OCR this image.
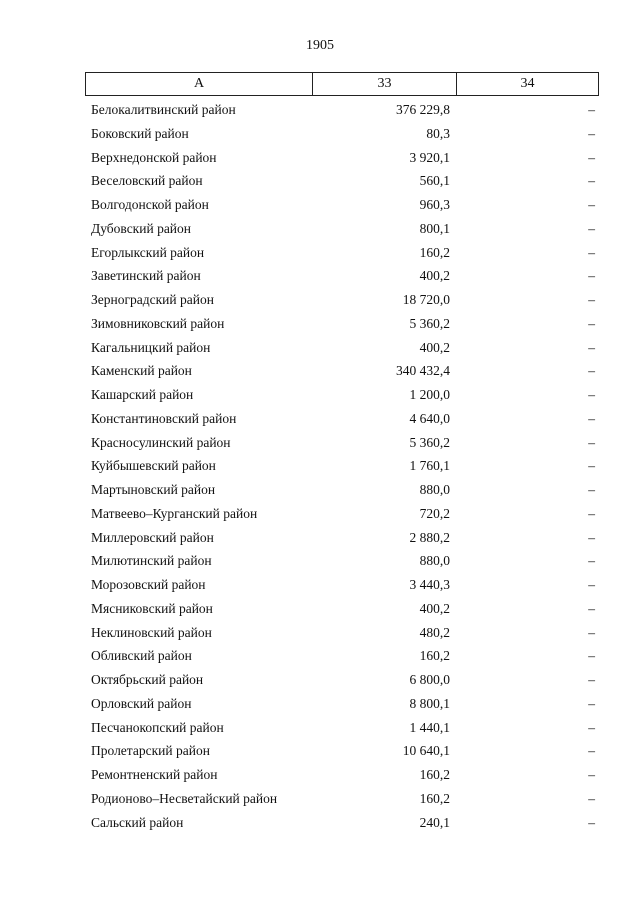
1905
А	33	34
Белокалитвинский район	376 229,8	–
Боковский район	80,3	–
Верхнедонской район	3 920,1	–
Веселовский район	560,1	–
Волгодонской район	960,3	–
Дубовский район	800,1	–
Егорлыкский район	160,2	–
Заветинский район	400,2	–
Зерноградский район	18 720,0	–
Зимовниковский район	5 360,2	–
Кагальницкий район	400,2	–
Каменский район	340 432,4	–
Кашарский район	1 200,0	–
Константиновский район	4 640,0	–
Красносулинский район	5 360,2	–
Куйбышевский район	1 760,1	–
Мартыновский район	880,0	–
Матвеево–Курганский район	720,2	–
Миллеровский район	2 880,2	–
Милютинский район	880,0	–
Морозовский район	3 440,3	–
Мясниковский район	400,2	–
Неклиновский район	480,2	–
Обливский район	160,2	–
Октябрьский район	6 800,0	–
Орловский район	8 800,1	–
Песчанокопский район	1 440,1	–
Пролетарский район	10 640,1	–
Ремонтненский район	160,2	–
Родионово–Несветайский район	160,2	–
Сальский район	240,1	–
